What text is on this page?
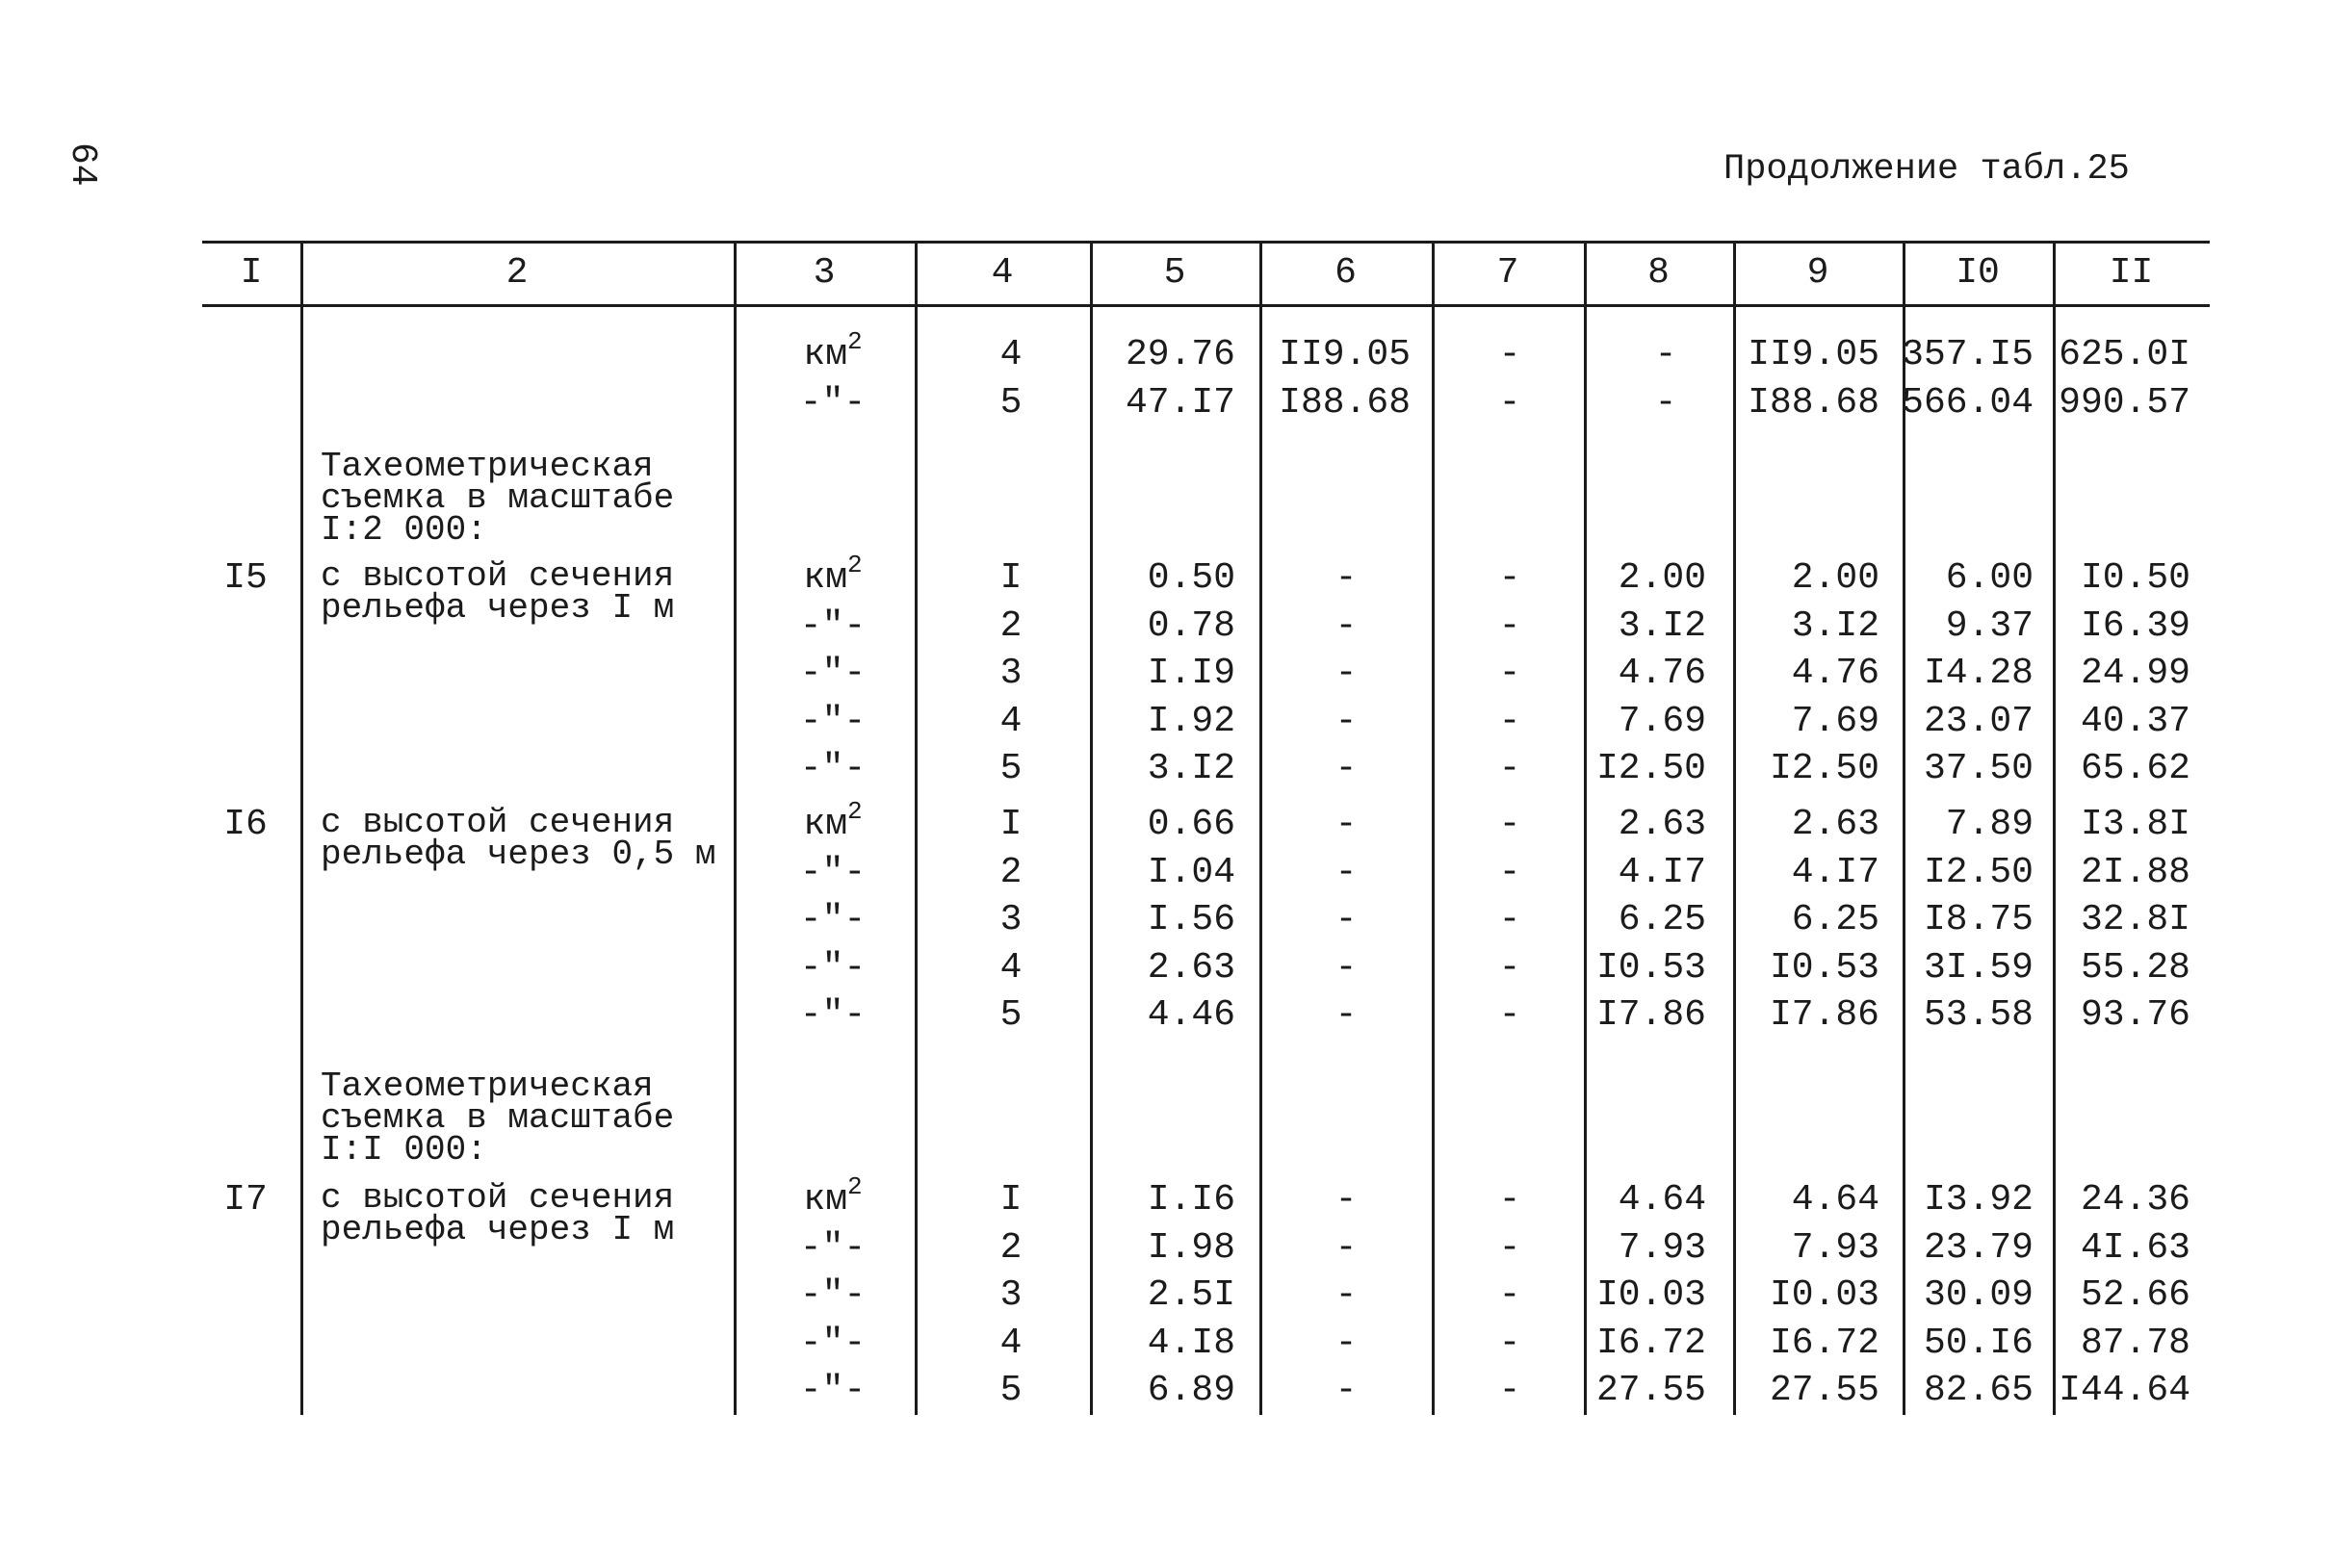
64	Продолжение табл.25
I	2	3	4	5	6	7	8	9	I0	II
$км^2$	4	29.76 II9.05 -	- II9.05 357.I5 625.0I
-"-	5	47.I7 I88.68 -	- I88.68 566.04 990.57
Тахеометрическая
съемка в масштабе
I:2 000:
I5	с высотой сечения
рельефа через I м
$км^2$	I	0.50	-	-	2.00 2.00 6.00 I0.50
-"-	2	0.78	-	-	3.I2 3.I2 9.37 I6.39
-"-	3	I.I9	-	-	4.76 4.76 I4.28 24.99
-"-	4	I.92	-	-	7.69 7.69 23.07 40.37
-"-	5	3.I2	-	- I2.50 I2.50 37.50 65.62
I6	с высотой сечения
рельефа через 0,5 м
$км^2$	I	0.66	-	-	2.63 2.63 7.89 I3.8I
-"-	2	I.04	-	-	4.I7 4.I7 I2.50 2I.88
-"-	3	I.56	-	-	6.25 6.25 I8.75 32.8I
-"-	4	2.63	-	- I0.53 I0.53 3I.59 55.28
-"-	5	4.46	-	- I7.86 I7.86 53.58 93.76
Тахеометрическая
съемка в масштабе
I:I 000:
I7	с высотой сечения
рельефа через I м
$км^2$	I	I.I6	-	-	4.64 4.64 I3.92 24.36
-"-	2	I.98	-	-	7.93 7.93 23.79 4I.63
-"-	3	2.5I	-	- I0.03 I0.03 30.09 52.66
-"-	4	4.I8	-	- I6.72 I6.72 50.I6 87.78
-"-	5	6.89	-	- 27.55 27.55 82.65 I44.64
